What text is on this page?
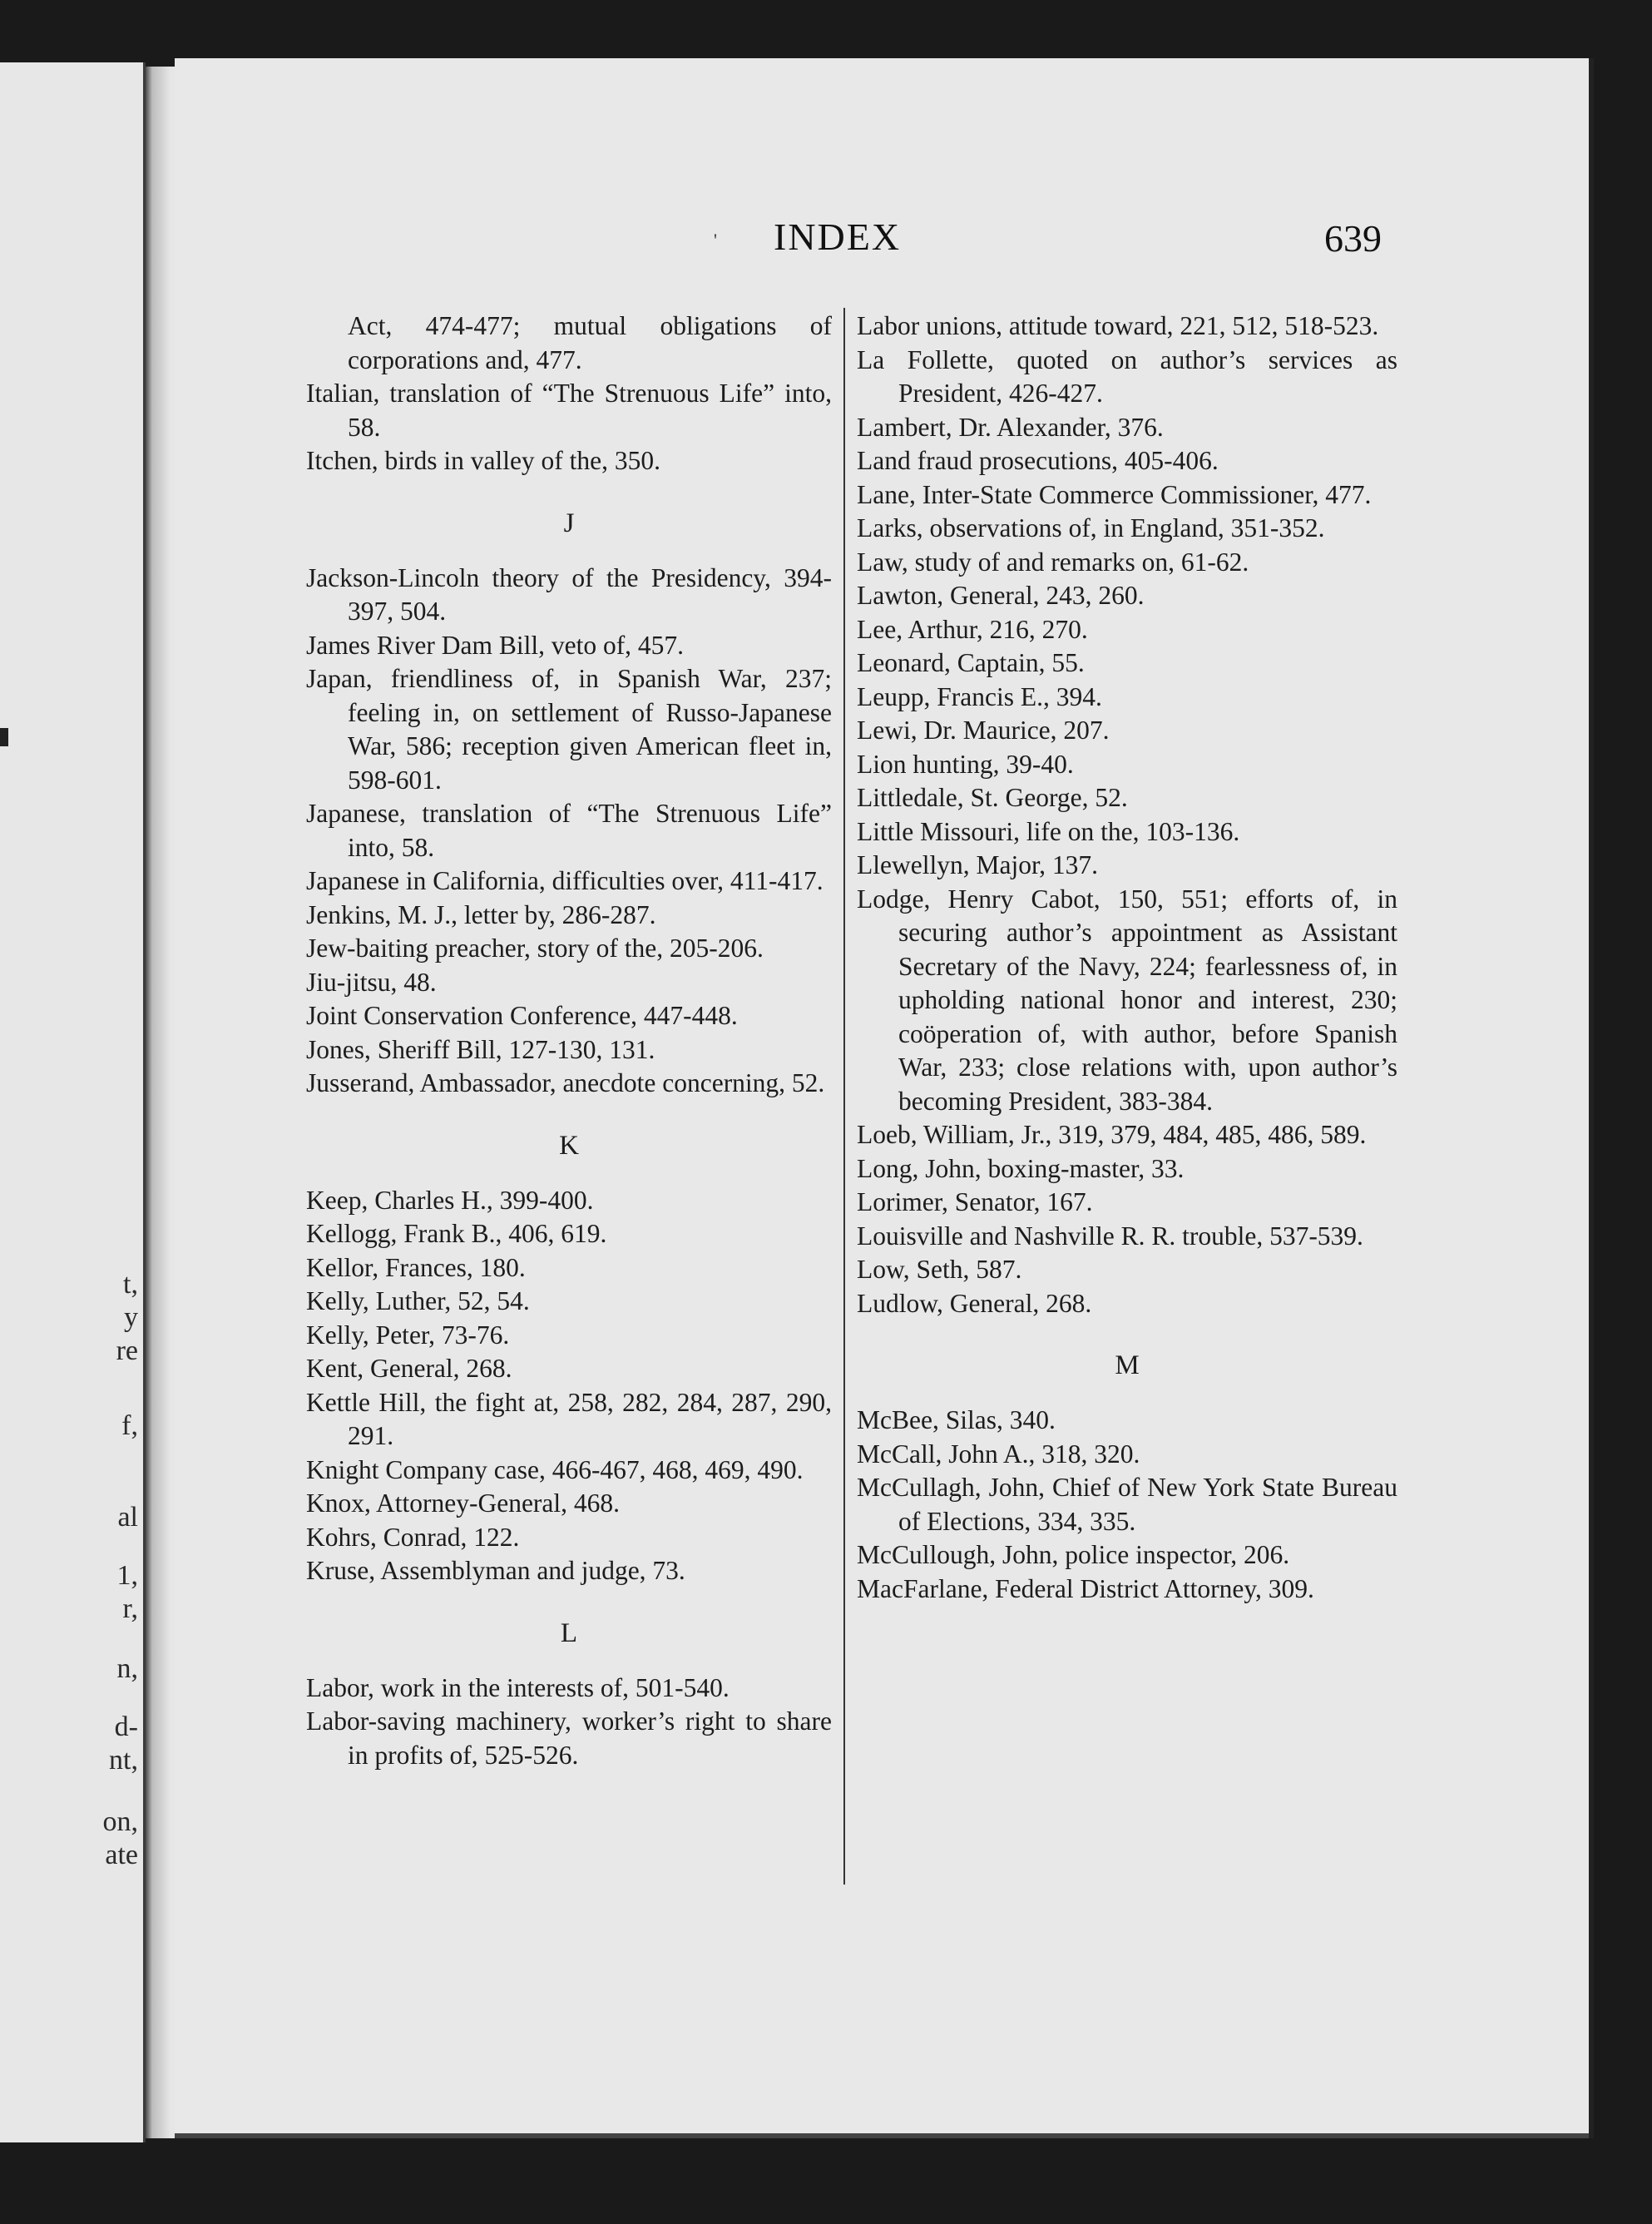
t,
y
re
f,
al
1,
r,
n,
d-
nt,
on,
ate
' INDEX	639

Act, 474-477; mutual obligations of corporations and, 477.

Italian, translation of “The Strenuous Life” into, 58.

Itchen, birds in valley of the, 350.

J

Jackson-Lincoln theory of the Presidency, 394-397, 504.

James River Dam Bill, veto of, 457.

Japan, friendliness of, in Spanish War, 237; feeling in, on settlement of Russo-Japanese War, 586; reception given American fleet in, 598-601.

Japanese, translation of “The Strenuous Life” into, 58.

Japanese in California, difficulties over, 411-417.

Jenkins, M. J., letter by, 286-287.

Jew-baiting preacher, story of the, 205-206.

Jiu-jitsu, 48.

Joint Conservation Conference, 447-448.

Jones, Sheriff Bill, 127-130, 131.

Jusserand, Ambassador, anecdote concerning, 52.

K

Keep, Charles H., 399-400.

Kellogg, Frank B., 406, 619.

Kellor, Frances, 180.

Kelly, Luther, 52, 54.

Kelly, Peter, 73-76.

Kent, General, 268.

Kettle Hill, the fight at, 258, 282, 284, 287, 290, 291.

Knight Company case, 466-467, 468, 469, 490.

Knox, Attorney-General, 468.

Kohrs, Conrad, 122.

Kruse, Assemblyman and judge, 73.

L

Labor, work in the interests of, 501-540.

Labor-saving machinery, worker’s right to share in profits of, 525-526.

Labor unions, attitude toward, 221, 512, 518-523.

La Follette, quoted on author’s services as President, 426-427.

Lambert, Dr. Alexander, 376.

Land fraud prosecutions, 405-406.

Lane, Inter-State Commerce Commissioner, 477.

Larks, observations of, in England, 351-352.

Law, study of and remarks on, 61-62.

Lawton, General, 243, 260.

Lee, Arthur, 216, 270.

Leonard, Captain, 55.

Leupp, Francis E., 394.

Lewi, Dr. Maurice, 207.

Lion hunting, 39-40.

Littledale, St. George, 52.

Little Missouri, life on the, 103-136.

Llewellyn, Major, 137.

Lodge, Henry Cabot, 150, 551; efforts of, in securing author’s appointment as Assistant Secretary of the Navy, 224; fearlessness of, in upholding national honor and interest, 230; coöperation of, with author, before Spanish War, 233; close relations with, upon author’s becoming President, 383-384.

Loeb, William, Jr., 319, 379, 484, 485, 486, 589.

Long, John, boxing-master, 33.

Lorimer, Senator, 167.

Louisville and Nashville R. R. trouble, 537-539.

Low, Seth, 587.

Ludlow, General, 268.

M

McBee, Silas, 340.

McCall, John A., 318, 320.

McCullagh, John, Chief of New York State Bureau of Elections, 334, 335.

McCullough, John, police inspector, 206.

MacFarlane, Federal District Attorney, 309.
